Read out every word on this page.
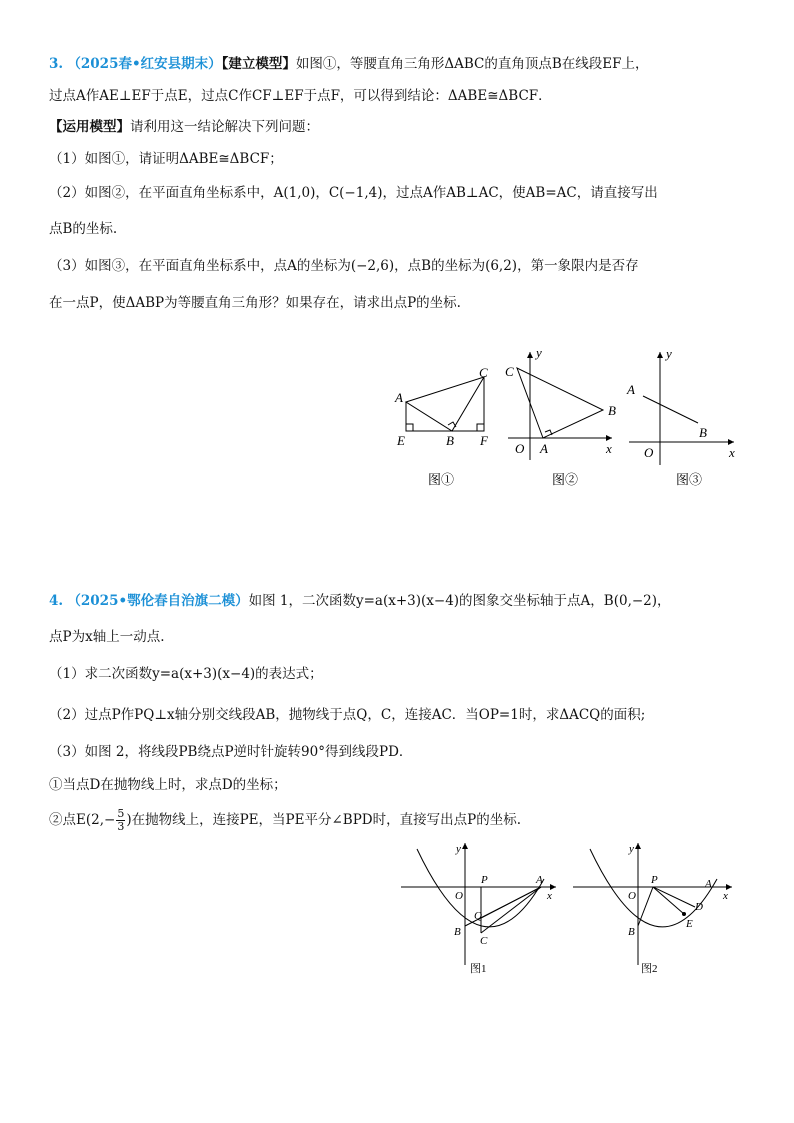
3. （2025春•红安县期末）【建立模型】如图①，等腰直角三角形ΔABC的直角顶点B在线段EF上，
过点A作AE⊥EF于点E，过点C作CF⊥EF于点F，可以得到结论：ΔABE≅ΔBCF．
【运用模型】请利用这一结论解决下列问题：
（1）如图①，请证明ΔABE≅ΔBCF；
（2）如图②，在平面直角坐标系中，A(1,0)，C(−1,4)，过点A作AB⊥AC，使AB=AC，请直接写出
点B的坐标.
（3）如图③，在平面直角坐标系中，点A的坐标为(−2,6)，点B的坐标为(6,2)，第一象限内是否存
在一点P，使ΔABP为等腰直角三角形？如果存在，请求出点P的坐标.
A
C
E	B F
图①
y
C
B
O A	x
图②
y
A
B
O	x
图③
4. （2025•鄂伦春自治旗二模）如图 1，二次函数y=a(x+3)(x−4)的图象交坐标轴于点A，B(0,−2)，
点P为x轴上一动点.
（1）求二次函数y=a(x+3)(x−4)的表达式；
（2）过点P作PQ⊥x轴分别交线段AB，抛物线于点Q，C，连接AC．当OP=1时，求ΔACQ的面积;
（3）如图 2，将线段PB绕点P逆时针旋转90°得到线段PD．
①当点D在抛物线上时，求点D的坐标；
②点$E(2,- \frac{5}{3}$ )在抛物线上，连接PE，当PE平分∠BPD时，直接写出点P的坐标.
y
P	A
O	x
Q
B
C
图1
y
P	A
O	x
D
E
B
图2
